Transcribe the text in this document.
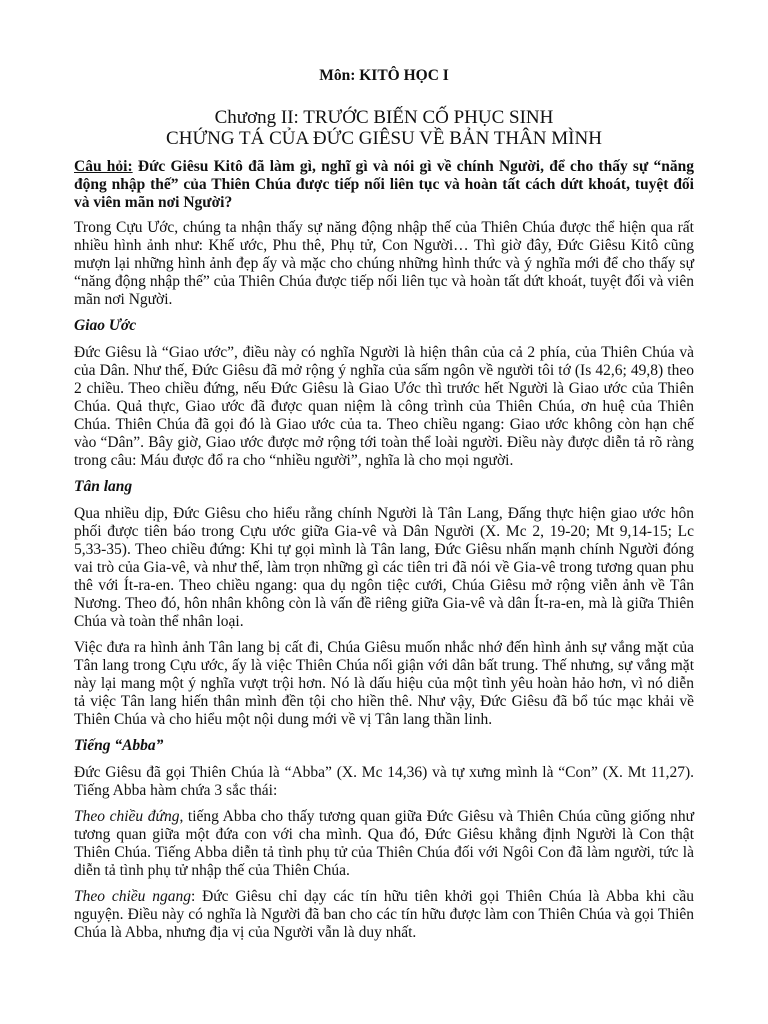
Môn: KITÔ HỌC I
Chương II: TRƯỚC BIẾN CỐ PHỤC SINH
CHỨNG TÁ CỦA ĐỨC GIÊSU VỀ BẢN THÂN MÌNH
Câu hỏi: Đức Giêsu Kitô đã làm gì, nghĩ gì và nói gì về chính Người, để cho thấy sự “năng động nhập thế” của Thiên Chúa được tiếp nối liên tục và hoàn tất cách dứt khoát, tuyệt đối và viên mãn nơi Người?

Trong Cựu Ước, chúng ta nhận thấy sự năng động nhập thế của Thiên Chúa được thể hiện qua rất nhiều hình ảnh như: Khế ước, Phu thê, Phụ tử, Con Người… Thì giờ đây, Đức Giêsu Kitô cũng mượn lại những hình ảnh đẹp ấy và mặc cho chúng những hình thức và ý nghĩa mới để cho thấy sự “năng động nhập thế” của Thiên Chúa được tiếp nối liên tục và hoàn tất dứt khoát, tuyệt đối và viên mãn nơi Người.

Giao Ước

Đức Giêsu là “Giao ước”, điều này có nghĩa Người là hiện thân của cả 2 phía, của Thiên Chúa và của Dân. Như thế, Đức Giêsu đã mở rộng ý nghĩa của sấm ngôn về người tôi tớ (Is 42,6; 49,8) theo 2 chiều. Theo chiều đứng, nếu Đức Giêsu là Giao Ước thì trước hết Người là Giao ước của Thiên Chúa. Quả thực, Giao ước đã được quan niệm là công trình của Thiên Chúa, ơn huệ của Thiên Chúa. Thiên Chúa đã gọi đó là Giao ước của ta. Theo chiều ngang: Giao ước không còn hạn chế vào “Dân”. Bây giờ, Giao ước được mở rộng tới toàn thể loài người. Điều này được diễn tả rõ ràng trong câu: Máu được đổ ra cho “nhiều người”, nghĩa là cho mọi người.

Tân lang

Qua nhiều dịp, Đức Giêsu cho hiểu rằng chính Người là Tân Lang, Đấng thực hiện giao ước hôn phối được tiên báo trong Cựu ước giữa Gia-vê và Dân Người (X. Mc 2, 19-20; Mt 9,14-15; Lc 5,33-35). Theo chiều đứng: Khi tự gọi mình là Tân lang, Đức Giêsu nhấn mạnh chính Người đóng vai trò của Gia-vê, và như thế, làm trọn những gì các tiên tri đã nói về Gia-vê trong tương quan phu thê với Ít-ra-en. Theo chiều ngang: qua dụ ngôn tiệc cưới, Chúa Giêsu mở rộng viễn ảnh về Tân Nương. Theo đó, hôn nhân không còn là vấn đề riêng giữa Gia-vê và dân Ít-ra-en, mà là giữa Thiên Chúa và toàn thể nhân loại.

Việc đưa ra hình ảnh Tân lang bị cất đi, Chúa Giêsu muốn nhắc nhớ đến hình ảnh sự vắng mặt của Tân lang trong Cựu ước, ấy là việc Thiên Chúa nối giận với dân bất trung. Thế nhưng, sự vắng mặt này lại mang một ý nghĩa vượt trội hơn. Nó là dấu hiệu của một tình yêu hoàn hảo hơn, vì nó diễn tả việc Tân lang hiến thân mình đền tội cho hiền thê. Như vậy, Đức Giêsu đã bổ túc mạc khải về Thiên Chúa và cho hiểu một nội dung mới về vị Tân lang thần linh.

Tiếng “Abba”

Đức Giêsu đã gọi Thiên Chúa là “Abba” (X. Mc 14,36) và tự xưng mình là “Con” (X. Mt 11,27). Tiếng Abba hàm chứa 3 sắc thái:

Theo chiều đứng, tiếng Abba cho thấy tương quan giữa Đức Giêsu và Thiên Chúa cũng giống như tương quan giữa một đứa con với cha mình. Qua đó, Đức Giêsu khẳng định Người là Con thật Thiên Chúa. Tiếng Abba diễn tả tình phụ tử của Thiên Chúa đối với Ngôi Con đã làm người, tức là diễn tả tình phụ tử nhập thế của Thiên Chúa.

Theo chiều ngang: Đức Giêsu chỉ dạy các tín hữu tiên khởi gọi Thiên Chúa là Abba khi cầu nguyện. Điều này có nghĩa là Người đã ban cho các tín hữu được làm con Thiên Chúa và gọi Thiên Chúa là Abba, nhưng địa vị của Người vẫn là duy nhất.
